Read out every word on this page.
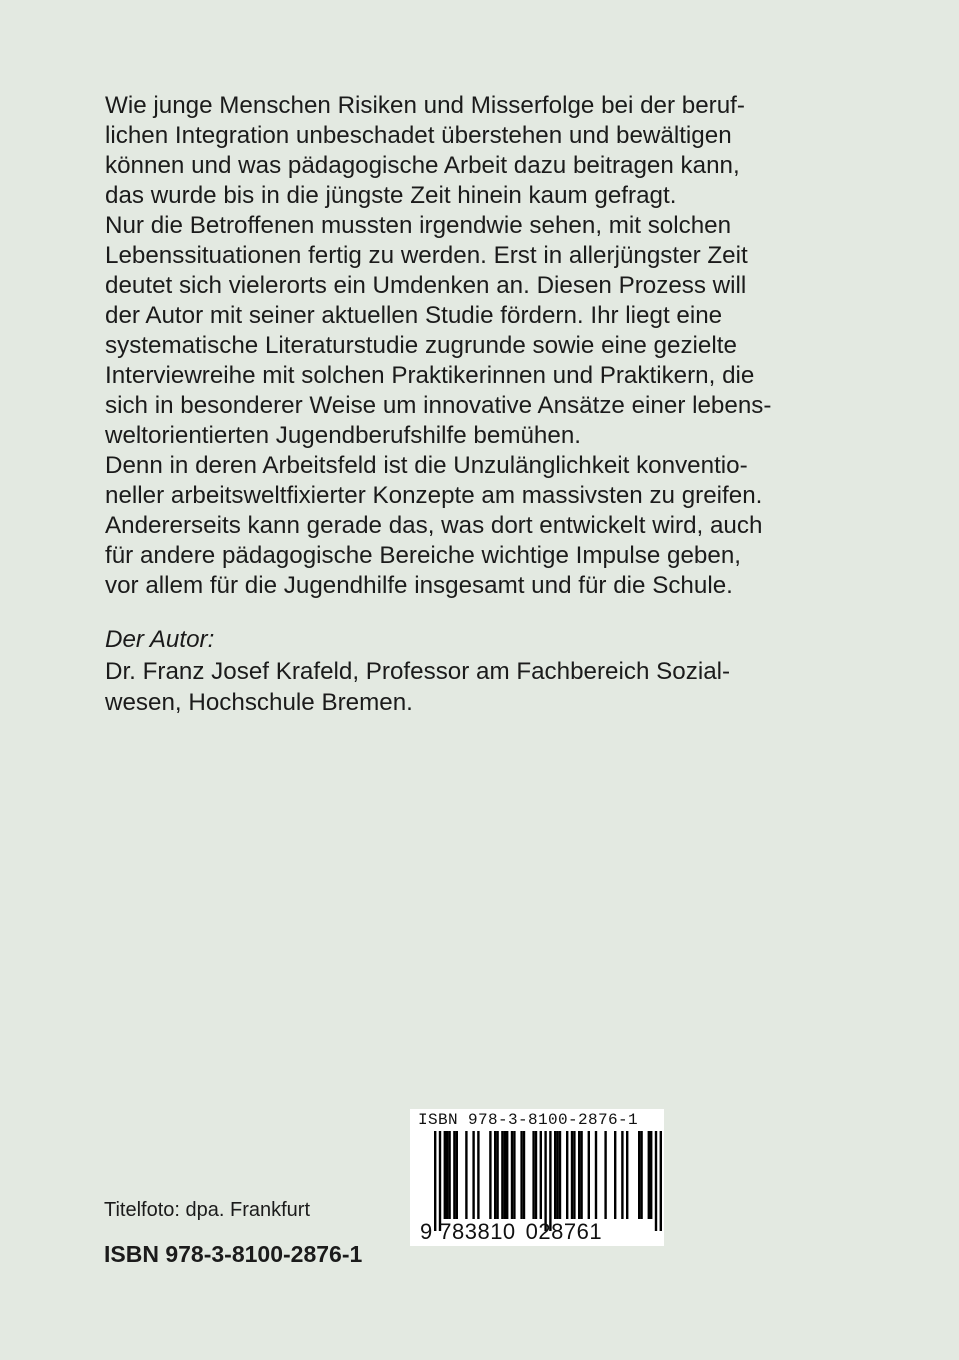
Wie junge Menschen Risiken und Misserfolge bei der beruf-
lichen Integration unbeschadet überstehen und bewältigen
können und was pädagogische Arbeit dazu beitragen kann,
das wurde bis in die jüngste Zeit hinein kaum gefragt.
Nur die Betroffenen mussten irgendwie sehen, mit solchen
Lebenssituationen fertig zu werden. Erst in allerjüngster Zeit
deutet sich vielerorts ein Umdenken an. Diesen Prozess will
der Autor mit seiner aktuellen Studie fördern. Ihr liegt eine
systematische Literaturstudie zugrunde sowie eine gezielte
Interviewreihe mit solchen Praktikerinnen und Praktikern, die
sich in besonderer Weise um innovative Ansätze einer lebens-
weltorientierten Jugendberufshilfe bemühen.
Denn in deren Arbeitsfeld ist die Unzulänglichkeit konventio-
neller arbeitsweltfixierter Konzepte am massivsten zu greifen.
Andererseits kann gerade das, was dort entwickelt wird, auch
für andere pädagogische Bereiche wichtige Impulse geben,
vor allem für die Jugendhilfe insgesamt und für die Schule.
Der Autor:
Dr. Franz Josef Krafeld, Professor am Fachbereich Sozial-
wesen, Hochschule Bremen.
ISBN 978-3-8100-2876-1
9 783810 028761
Titelfoto: dpa. Frankfurt
ISBN 978-3-8100-2876-1
